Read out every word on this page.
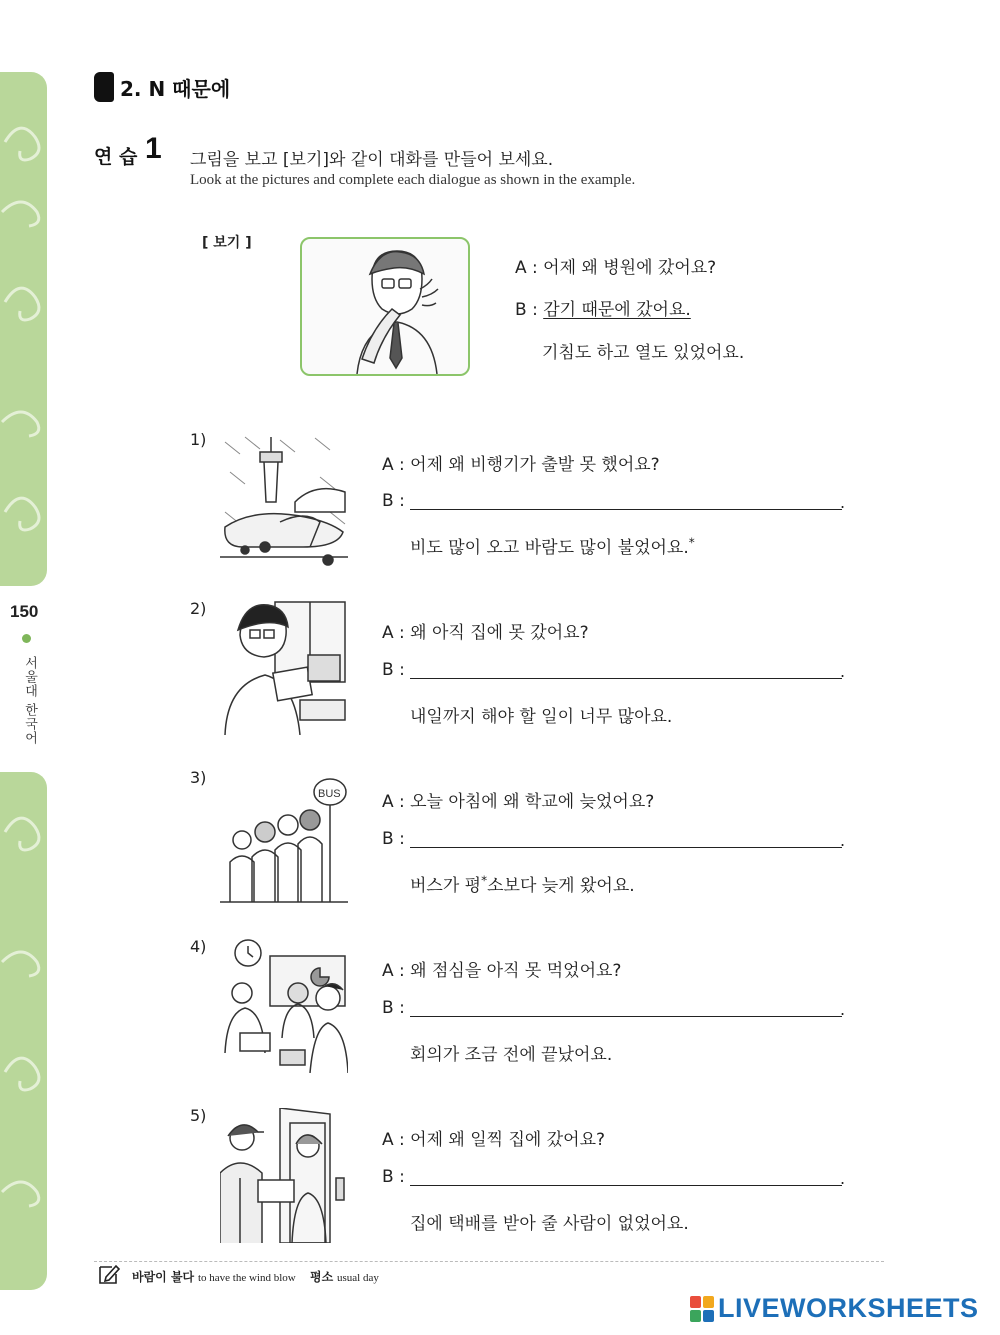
150
서울대 한국어
2. N 때문에
연 습 1 그림을 보고 [보기]와 같이 대화를 만들어 보세요.
Look at the pictures and complete each dialogue as shown in the example.
[ 보기 ]
A : 어제 왜 병원에 갔어요?
B : 감기 때문에 갔어요.
기침도 하고 열도 있었어요.
1)
A : 어제 왜 비행기가 출발 못 했어요?
B :	.
비도 많이 오고 바람도 많이 불었어요.*
2)
A : 왜 아직 집에 못 갔어요?
B :	.
내일까지 해야 할 일이 너무 많아요.
3)
BUS A : 오늘 아침에 왜 학교에 늦었어요?
B :	.
버스가 평*소보다 늦게 왔어요.
4)
A : 왜 점심을 아직 못 먹었어요?
B :	.
회의가 조금 전에 끝났어요.
5)
A : 어제 왜 일찍 집에 갔어요?
B :	.
집에 택배를 받아 줄 사람이 없었어요.
바람이 불다 to have the wind blow 평소 usual day
LIVEWORKSHEETS
